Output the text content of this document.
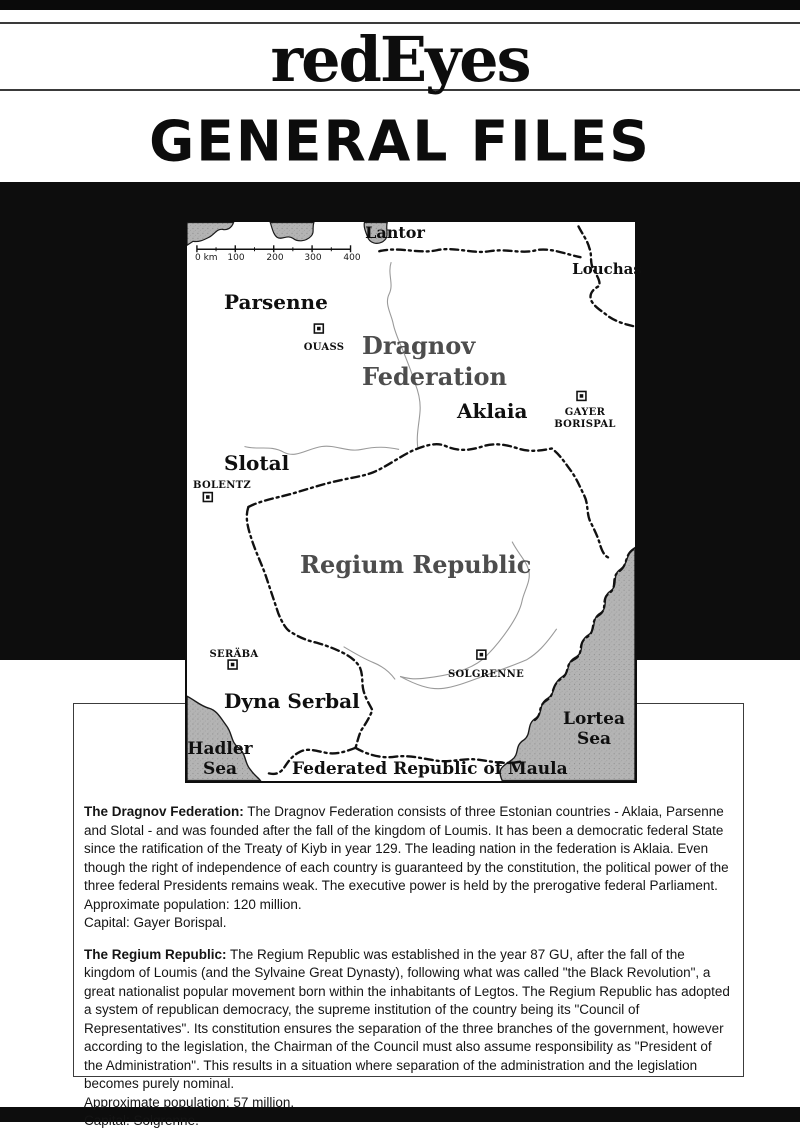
redEyes
GENERAL FILES
0 km 100 200 300 400
Lantor
Louchas
Parsenne
Aklaia
Slotal
Dyna Serbal
Federated Republic of Maula
Dragnov
Federation
Regium Republic
Lortea
Sea
Hadler
Sea
OUASS
GAYER
BORISPAL
BOLENTZ
SERÄBA
SOLGRENNE

The Dragnov Federation: The Dragnov Federation consists of three Estonian countries - Aklaia, Parsenne and Slotal - and was founded after the fall of the kingdom of Loumis. It has been a democratic federal State since the ratification of the Treaty of Kiyb in year 129. The leading nation in the federation is Aklaia. Even though the right of independence of each country is guaranteed by the constitution, the political power of the three federal Presidents remains weak. The executive power is held by the prerogative federal Parliament.

Approximate population: 120 million.
Capital: Gayer Borispal.

The Regium Republic: The Regium Republic was established in the year 87 GU, after the fall of the kingdom of Loumis (and the Sylvaine Great Dynasty), following what was called "the Black Revolution", a great nationalist popular movement born within the inhabitants of Legtos. The Regium Republic has adopted a system of republican democracy, the supreme institution of the country being its "Council of Representatives". Its constitution ensures the separation of the three branches of the government, however according to the legislation, the Chairman of the Council must also assume responsibility as "President of the Administration". This results in a situation where separation of the administration and the legislation becomes purely nominal.

Approximate population: 57 million.
Capital: Solgrenne.
